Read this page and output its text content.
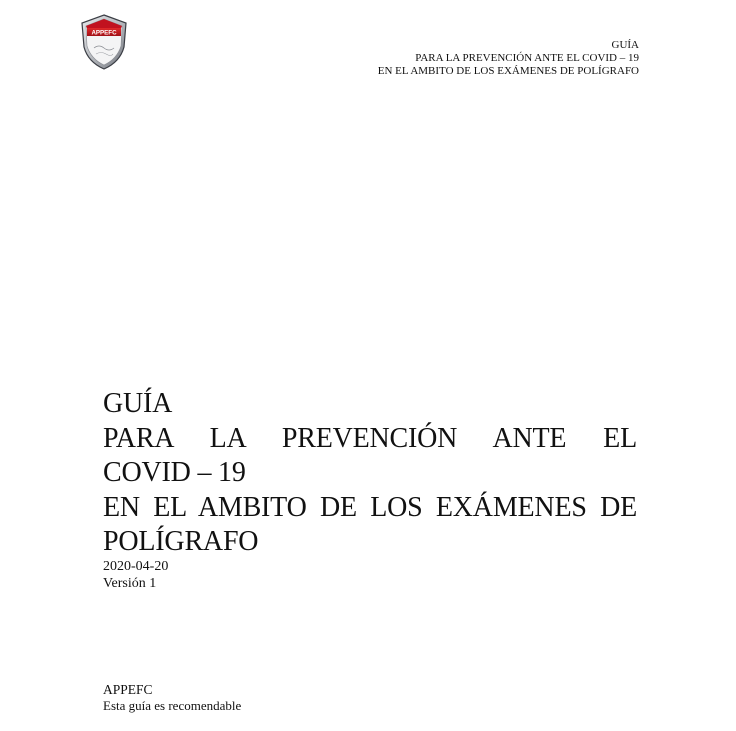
APPEFC
GUÍA
PARA LA PREVENCIÓN ANTE EL COVID – 19
EN EL AMBITO DE LOS EXÁMENES DE POLÍGRAFO
GUÍA
PARA LA PREVENCIÓN ANTE EL
COVID – 19
EN EL AMBITO DE LOS EXÁMENES DE
POLÍGRAFO
2020-04-20
Versión 1
APPEFC
Esta guía es recomendable
